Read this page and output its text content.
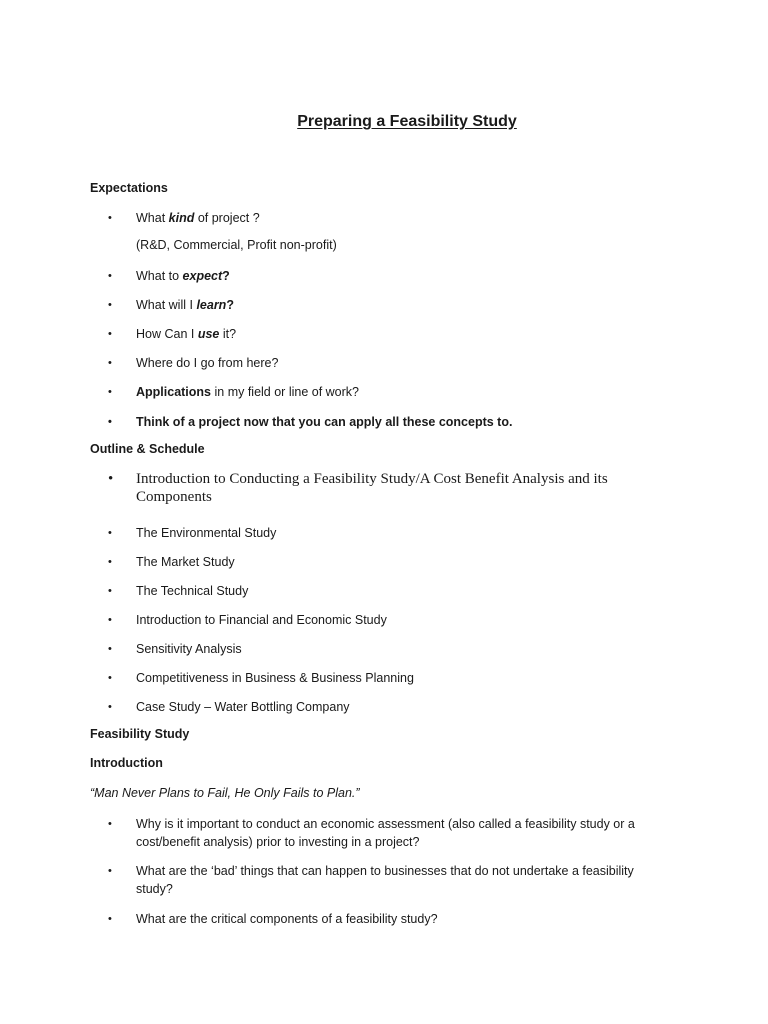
Preparing a Feasibility Study
Expectations
•	What kind of project ?
(R&D, Commercial, Profit non-profit)
•	What to expect?
•	What will I learn?
•	How Can I use it?
•	Where do I go from here?
•	Applications in my field or line of work?
•	Think of a project now that you can apply all these concepts to.
Outline & Schedule
•	Introduction to Conducting a Feasibility Study/A Cost Benefit Analysis and its Components
•	The Environmental Study
•	The Market Study
•	The Technical Study
•	Introduction to Financial and Economic Study
•	Sensitivity Analysis
•	Competitiveness in Business & Business Planning
•	Case Study – Water Bottling Company
Feasibility Study
Introduction
“Man Never Plans to Fail, He Only Fails to Plan.”
•	Why is it important to conduct an economic assessment (also called a feasibility study or a cost/benefit analysis) prior to investing in a project?
•	What are the ‘bad’ things that can happen to businesses that do not undertake a feasibility study?
•	What are the critical components of a feasibility study?
